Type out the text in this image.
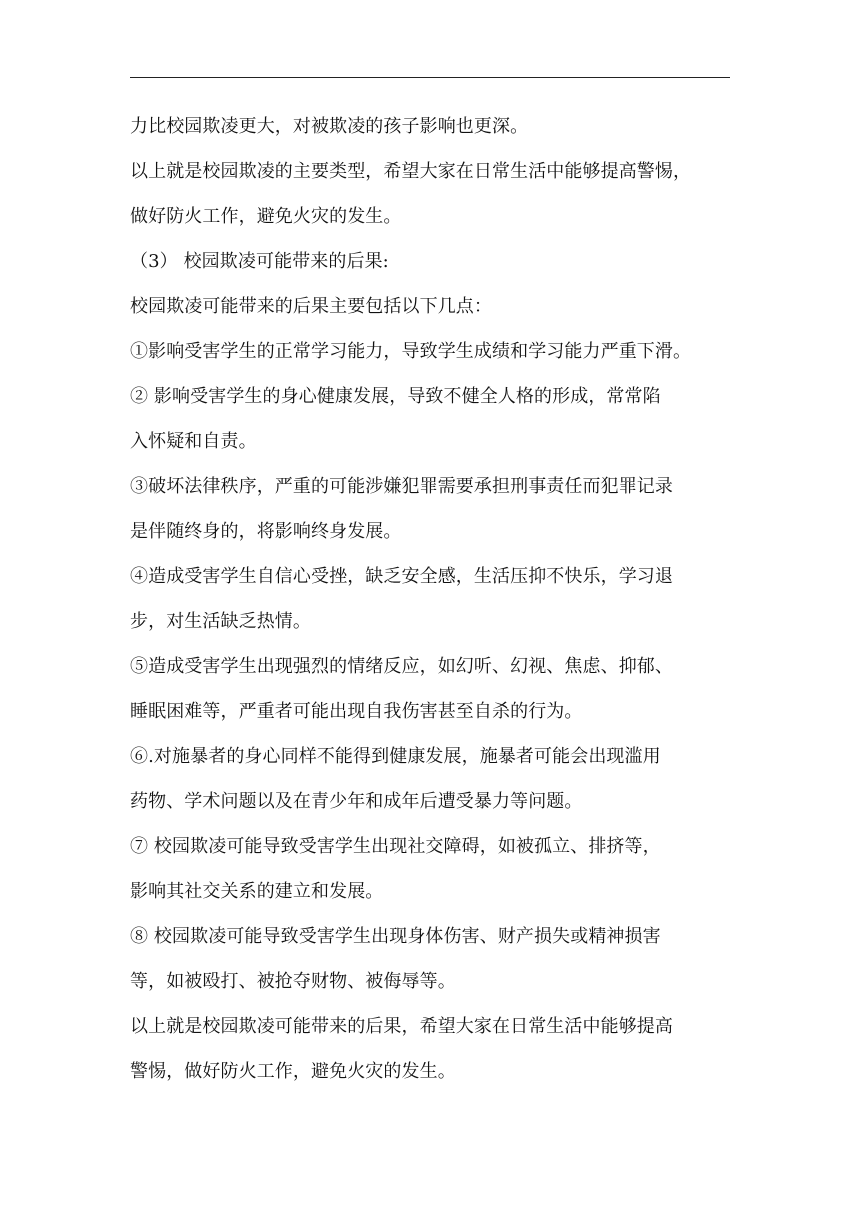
力比校园欺凌更大，对被欺凌的孩子影响也更深。
以上就是校园欺凌的主要类型，希望大家在日常生活中能够提高警惕，
做好防火工作，避免火灾的发生。
（3） 校园欺凌可能带来的后果:
校园欺凌可能带来的后果主要包括以下几点：
①影响受害学生的正常学习能力，导致学生成绩和学习能力严重下滑。
② 影响受害学生的身心健康发展，导致不健全人格的形成，常常陷
入怀疑和自责。
③破坏法律秩序，严重的可能涉嫌犯罪需要承担刑事责任而犯罪记录
是伴随终身的，将影响终身发展。
④造成受害学生自信心受挫，缺乏安全感，生活压抑不快乐，学习退
步，对生活缺乏热情。
⑤造成受害学生出现强烈的情绪反应，如幻听、幻视、焦虑、抑郁、
睡眠困难等，严重者可能出现自我伤害甚至自杀的行为。
⑥.对施暴者的身心同样不能得到健康发展，施暴者可能会出现滥用
药物、学术问题以及在青少年和成年后遭受暴力等问题。
⑦ 校园欺凌可能导致受害学生出现社交障碍，如被孤立、排挤等，
影响其社交关系的建立和发展。
⑧ 校园欺凌可能导致受害学生出现身体伤害、财产损失或精神损害
等，如被殴打、被抢夺财物、被侮辱等。
以上就是校园欺凌可能带来的后果，希望大家在日常生活中能够提高
警惕，做好防火工作，避免火灾的发生。
